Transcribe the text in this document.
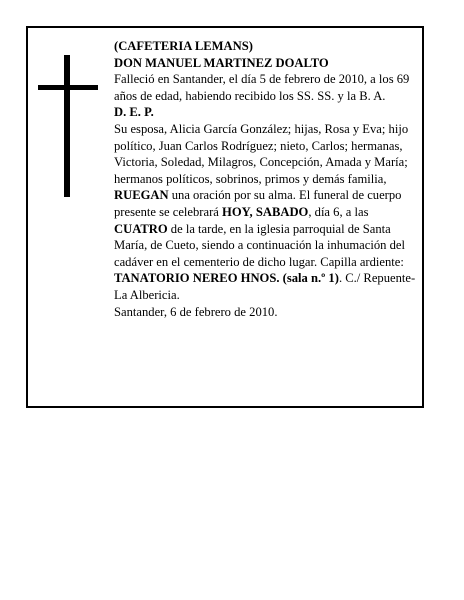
(CAFETERIA LEMANS)

DON MANUEL MARTINEZ DOALTO

Falleció en Santander, el día 5 de febrero de 2010, a los 69 años de edad, habiendo recibido los SS. SS. y la B. A.

D. E. P.

Su esposa, Alicia García González; hijas, Rosa y Eva; hijo político, Juan Carlos Rodríguez; nieto, Carlos; hermanas, Victoria, Soledad, Milagros, Concepción, Amada y María; hermanos políticos, sobrinos, primos y demás familia,

RUEGAN una oración por su alma. El funeral de cuerpo presente se celebrará HOY, SABADO, día 6, a las CUATRO de la tarde, en la iglesia parroquial de Santa María, de Cueto, siendo a continuación la inhumación del cadáver en el cementerio de dicho lugar. Capilla ardiente: TANATORIO NEREO HNOS. (sala n.º 1). C./ Repuente-La Albericia.

Santander, 6 de febrero de 2010.
